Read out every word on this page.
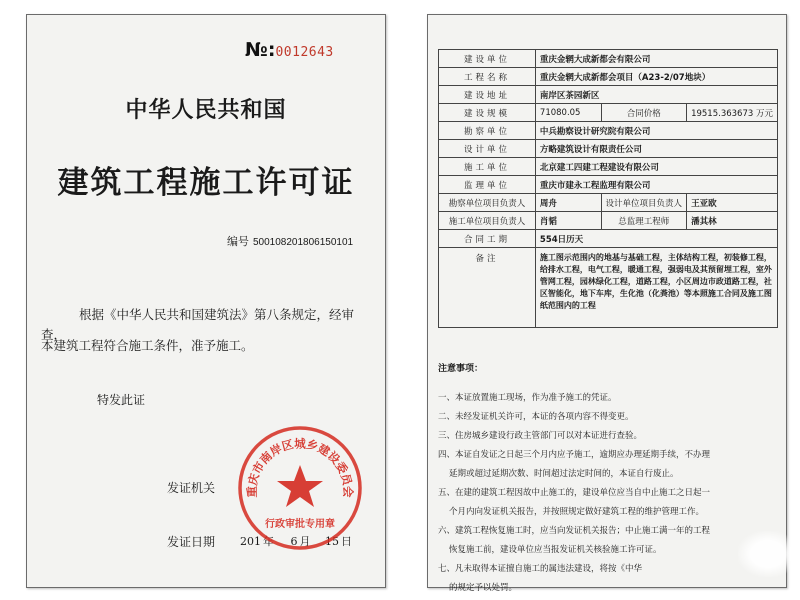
№:0012643
中华人民共和国
建筑工程施工许可证
编号 500108201806150101
根据《中华人民共和国建筑法》第八条规定，经审查，
本建筑工程符合施工条件，准予施工。
特发此证
发证机关
发证日期 201 年 6 月 15 日
重庆市南岸区城乡建设委员会
行政审批专用章
建设单位	重庆金辋大成新都会有限公司		
工程名称	重庆金辋大成新都会项目（A23-2/07地块）		
建设地址	南岸区茶园新区		
建设规模	71080.05	合同价格	19515.363673 万元
勘察单位	中兵勘察设计研究院有限公司		
设计单位	方略建筑设计有限责任公司		
施工单位	北京建工四建工程建设有限公司		
监理单位	重庆市建永工程监理有限公司		
勘察单位项目负责人	周舟	设计单位项目负责人	王亚欧
施工单位项目负责人	肖韬	总监理工程师	潘其林
合同工期	554日历天		
备注	施工图示范围内的地基与基础工程，主体结构工程，初装修工程，给排水工程，电气工程，暖通工程，强弱电及其预留埋工程，室外管网工程，园林绿化工程，道路工程，小区周边市政道路工程，社区智能化，地下车库，生化池（化粪池）等本照施工合同及施工图纸范围内的工程		
注意事项：
一、本证放置施工现场，作为准予施工的凭证。
二、未经发证机关许可，本证的各项内容不得变更。
三、住房城乡建设行政主管部门可以对本证进行查验。
四、本证自发证之日起三个月内应予施工，逾期应办理延期手续，不办理
延期或超过延期次数、时间超过法定时间的，本证自行废止。
五、在建的建筑工程因故中止施工的，建设单位应当自中止施工之日起一
个月内向发证机关报告，并按照规定做好建筑工程的维护管理工作。
六、建筑工程恢复施工时，应当向发证机关报告；中止施工满一年的工程
恢复施工前，建设单位应当报发证机关核验施工许可证。
七、凡未取得本证擅自施工的属违法建设，将按《中华
的规定予以处罚。
